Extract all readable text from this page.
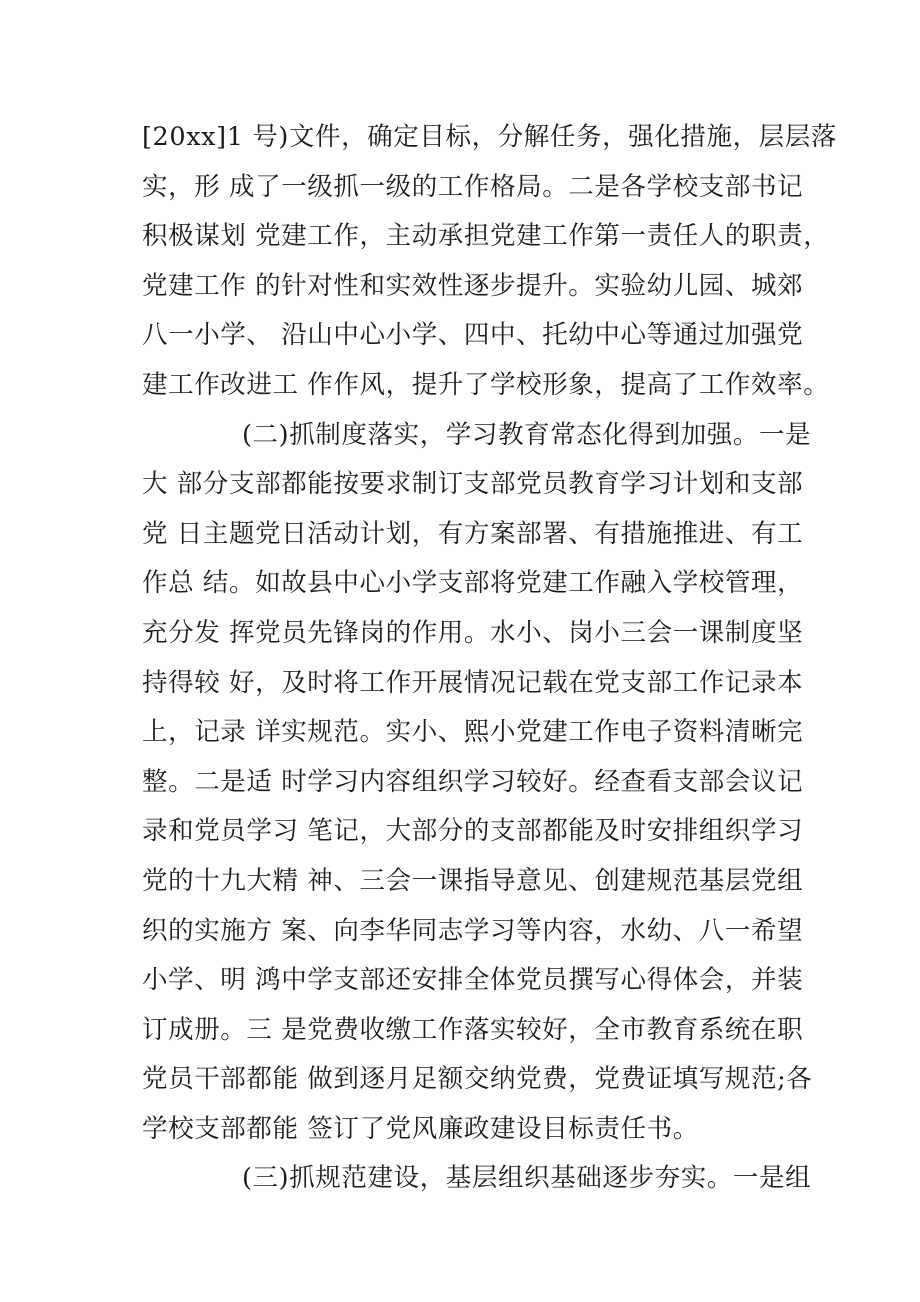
[20xx]1 号)文件，确定目标，分解任务，强化措施，层层落
实，形 成了一级抓一级的工作格局。二是各学校支部书记
积极谋划 党建工作，主动承担党建工作第一责任人的职责，
党建工作 的针对性和实效性逐步提升。实验幼儿园、城郊
八一小学、 沿山中心小学、四中、托幼中心等通过加强党
建工作改进工 作作风，提升了学校形象，提高了工作效率。
(二)抓制度落实，学习教育常态化得到加强。一是
大 部分支部都能按要求制订支部党员教育学习计划和支部
党 日主题党日活动计划，有方案部署、有措施推进、有工
作总 结。如故县中心小学支部将党建工作融入学校管理，
充分发 挥党员先锋岗的作用。水小、岗小三会一课制度坚
持得较 好，及时将工作开展情况记载在党支部工作记录本
上，记录 详实规范。实小、熙小党建工作电子资料清晰完
整。二是适 时学习内容组织学习较好。经查看支部会议记
录和党员学习 笔记，大部分的支部都能及时安排组织学习
党的十九大精 神、三会一课指导意见、创建规范基层党组
织的实施方 案、向李华同志学习等内容，水幼、八一希望
小学、明 鸿中学支部还安排全体党员撰写心得体会，并装
订成册。三 是党费收缴工作落实较好，全市教育系统在职
党员干部都能 做到逐月足额交纳党费，党费证填写规范;各
学校支部都能 签订了党风廉政建设目标责任书。
(三)抓规范建设，基层组织基础逐步夯实。一是组
